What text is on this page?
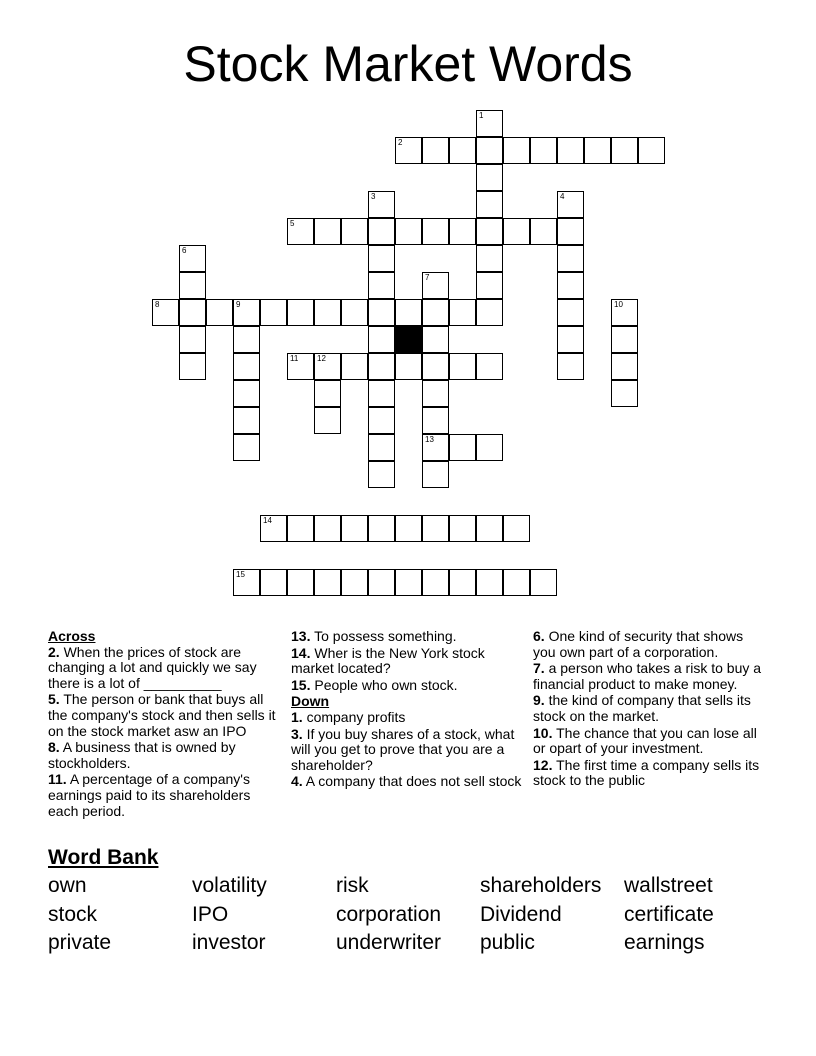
Stock Market Words
1
2
3	4
5
6
7
13
8	9	10
11 12
14
15
Across
2. When the prices of stock are changing a lot and quickly we say there is a lot of __________
5. The person or bank that buys all the company's stock and then sells it on the stock market asw an IPO
8. A business that is owned by stockholders.
11. A percentage of a company's earnings paid to its shareholders each period.
13. To possess something.
14. Wher is the New York stock market located?
15. People who own stock.
Down
1. company profits
3. If you buy shares of a stock, what will you get to prove that you are a shareholder?
4. A company that does not sell stock
6. One kind of security that shows you own part of a corporation.
7. a person who takes a risk to buy a financial product to make money.
9. the kind of company that sells its stock on the market.
10. The chance that you can lose all or opart of your investment.
12. The first time a company sells its stock to the public
Word Bank
own	volatility	risk	shareholders wallstreet
stock	IPO	corporation Dividend	certificate
private	investor	underwriter public	earnings
